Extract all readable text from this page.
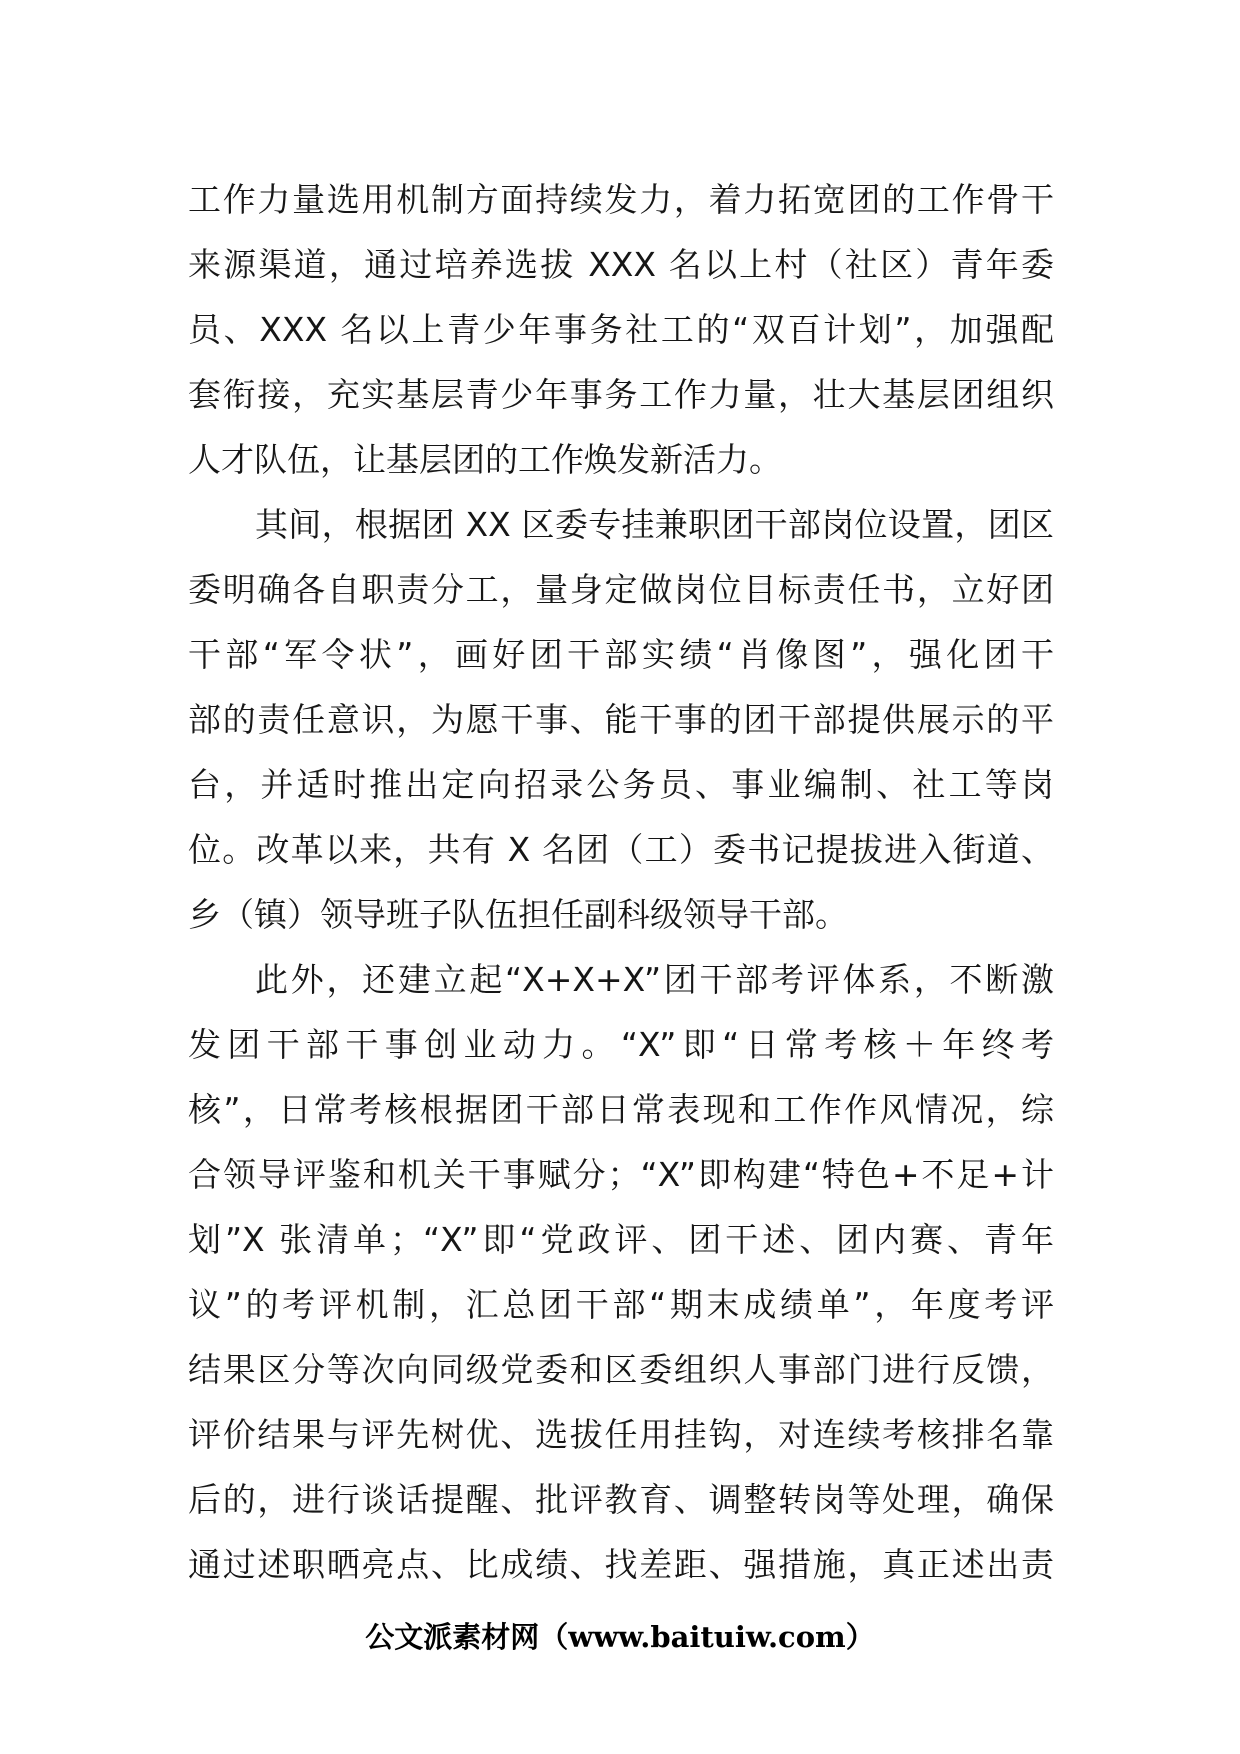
工作力量选用机制方面持续发力，着力拓宽团的工作骨干
来源渠道，通过培养选拔 XXX 名以上村（社区）青年委
员、XXX 名以上青少年事务社工的“双百计划”，加强配
套衔接，充实基层青少年事务工作力量，壮大基层团组织
人才队伍，让基层团的工作焕发新活力。
其间，根据团 XX 区委专挂兼职团干部岗位设置，团区
委明确各自职责分工，量身定做岗位目标责任书，立好团
干部“军令状”，画好团干部实绩“肖像图”，强化团干
部的责任意识，为愿干事、能干事的团干部提供展示的平
台，并适时推出定向招录公务员、事业编制、社工等岗
位。改革以来，共有 X 名团（工）委书记提拔进入街道、
乡（镇）领导班子队伍担任副科级领导干部。
此外，还建立起“X+X+X”团干部考评体系，不断激
发团干部干事创业动力。“X”即“日常考核＋年终考
核”，日常考核根据团干部日常表现和工作作风情况，综
合领导评鉴和机关干事赋分；“X”即构建“特色+不足+计
划”X 张清单；“X”即“党政评、团干述、团内赛、青年
议”的考评机制，汇总团干部“期末成绩单”，年度考评
结果区分等次向同级党委和区委组织人事部门进行反馈，
评价结果与评先树优、选拔任用挂钩，对连续考核排名靠
后的，进行谈话提醒、批评教育、调整转岗等处理，确保
通过述职晒亮点、比成绩、找差距、强措施，真正述出责
公文派素材网（www.baituiw.com）
